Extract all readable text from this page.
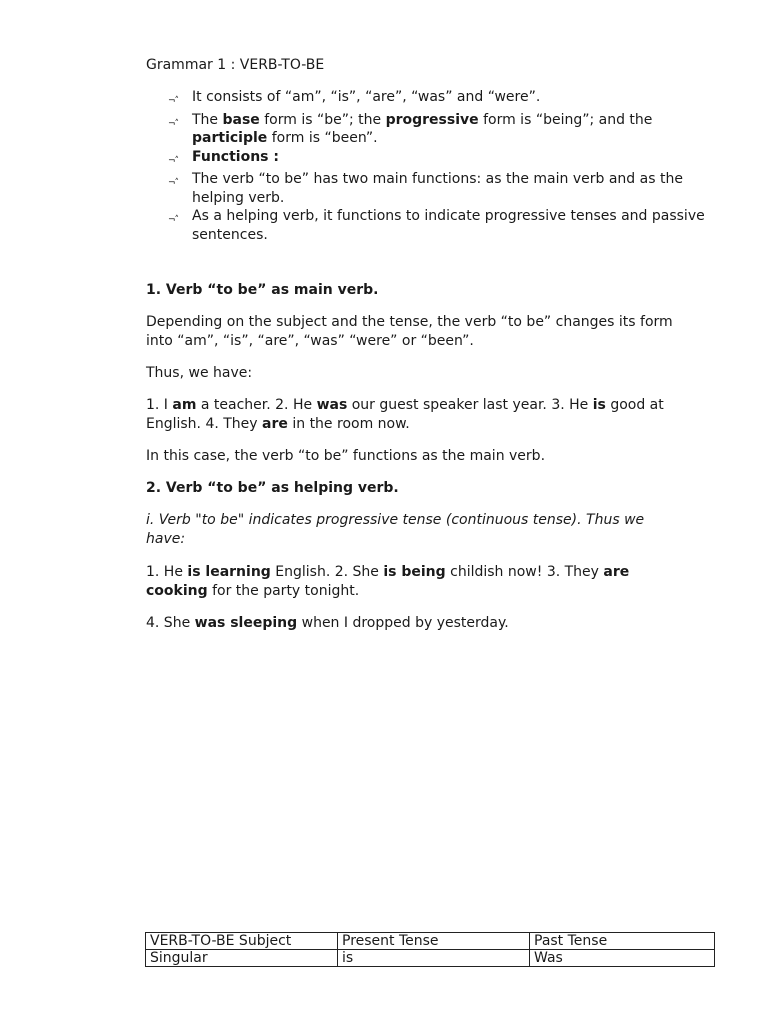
Grammar 1 : VERB-TO-BE
¬˄ It consists of “am”, “is”, “are”, “was” and “were”.
¬˄ The base form is “be”; the progressive form is “being”; and the participle form is “been”.
¬˄ Functions :
¬˄ The verb “to be” has two main functions: as the main verb and as the helping verb.
¬˄ As a helping verb, it functions to indicate progressive tenses and passive sentences.
1. Verb “to be” as main verb.
Depending on the subject and the tense, the verb “to be” changes its form into “am”, “is”, “are”, “was” “were” or “been”.
Thus, we have:
1. I am a teacher. 2. He was our guest speaker last year. 3. He is good at English. 4. They are in the room now.
In this case, the verb “to be” functions as the main verb.
2. Verb “to be” as helping verb.
i. Verb "to be" indicates progressive tense (continuous tense). Thus we have:
1. He is learning English. 2. She is being childish now! 3. They are cooking for the party tonight.
4. She was sleeping when I dropped by yesterday.
VERB-TO-BE Subject	Present Tense	Past Tense
Singular	is	Was
